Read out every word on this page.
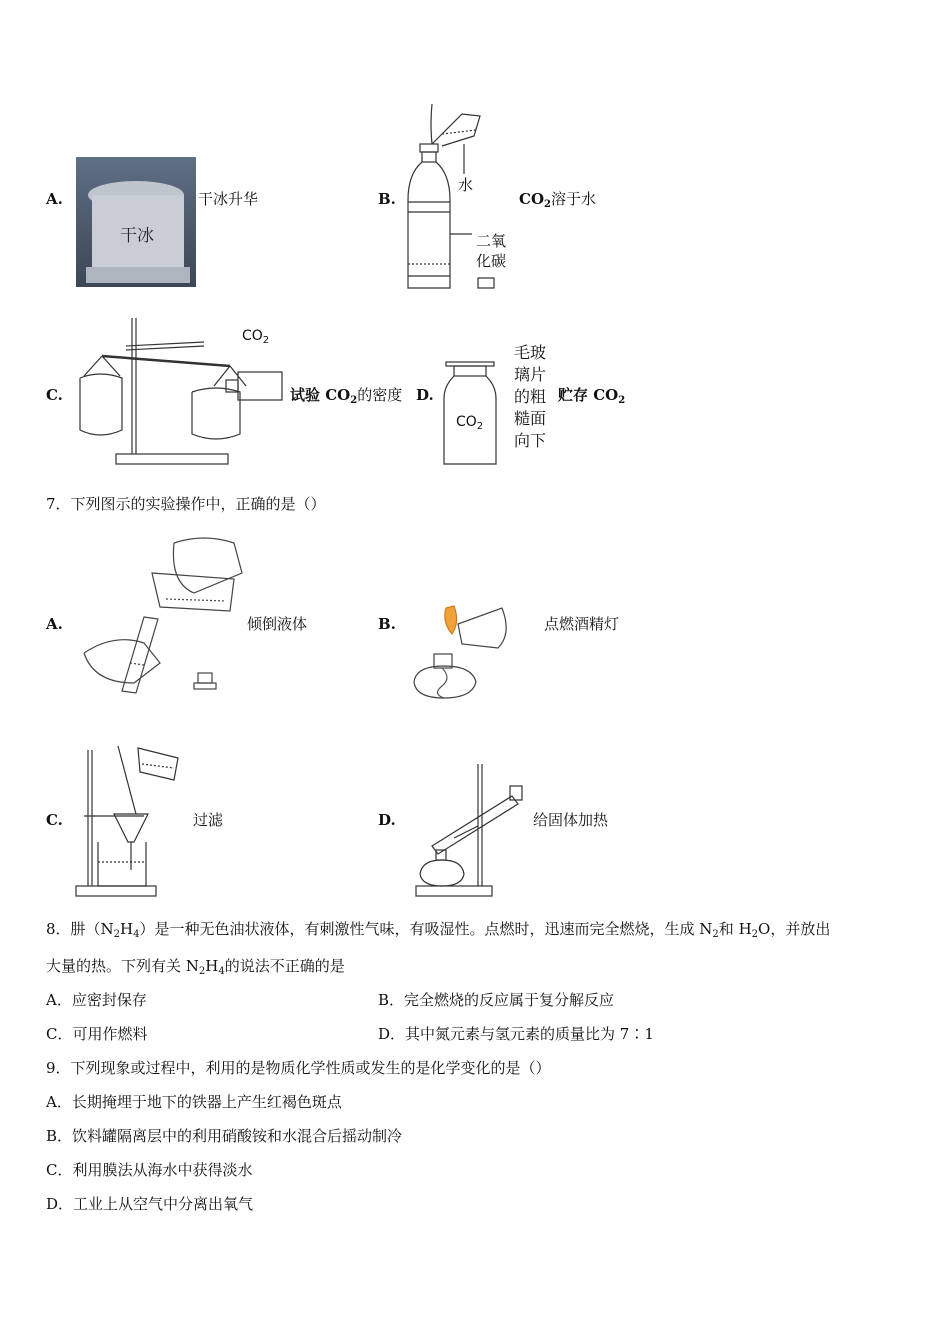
A.
干冰
干冰升华	B.
水
二氧
化碳
$CO_2$溶于水
C.
$CO_2$
试验 $CO_2$的密度 D.
$CO_2$
毛玻
璃片
的粗
糙面
向下
贮存 $CO_2$
7．下列图示的实验操作中，正确的是（）
A.	倾倒液体	B.	点燃酒精灯
C.	过滤	D.	给固体加热
8．肼$(N_2H_4)$是一种无色油状液体，有刺激性气味，有吸湿性。点燃时，迅速而完全燃烧，生成 $N_2$和 $H_2O$，并放出
大量的热。下列有关 $N_2H_4$的说法不正确的是
A．应密封保存	B．完全燃烧的反应属于复分解反应
C．可用作燃料	D．其中氮元素与氢元素的质量比为 7∶1
9．下列现象或过程中，利用的是物质化学性质或发生的是化学变化的是（）
A．长期掩埋于地下的铁器上产生红褐色斑点
B．饮料罐隔离层中的利用硝酸铵和水混合后摇动制冷
C．利用膜法从海水中获得淡水
D．工业上从空气中分离出氧气
